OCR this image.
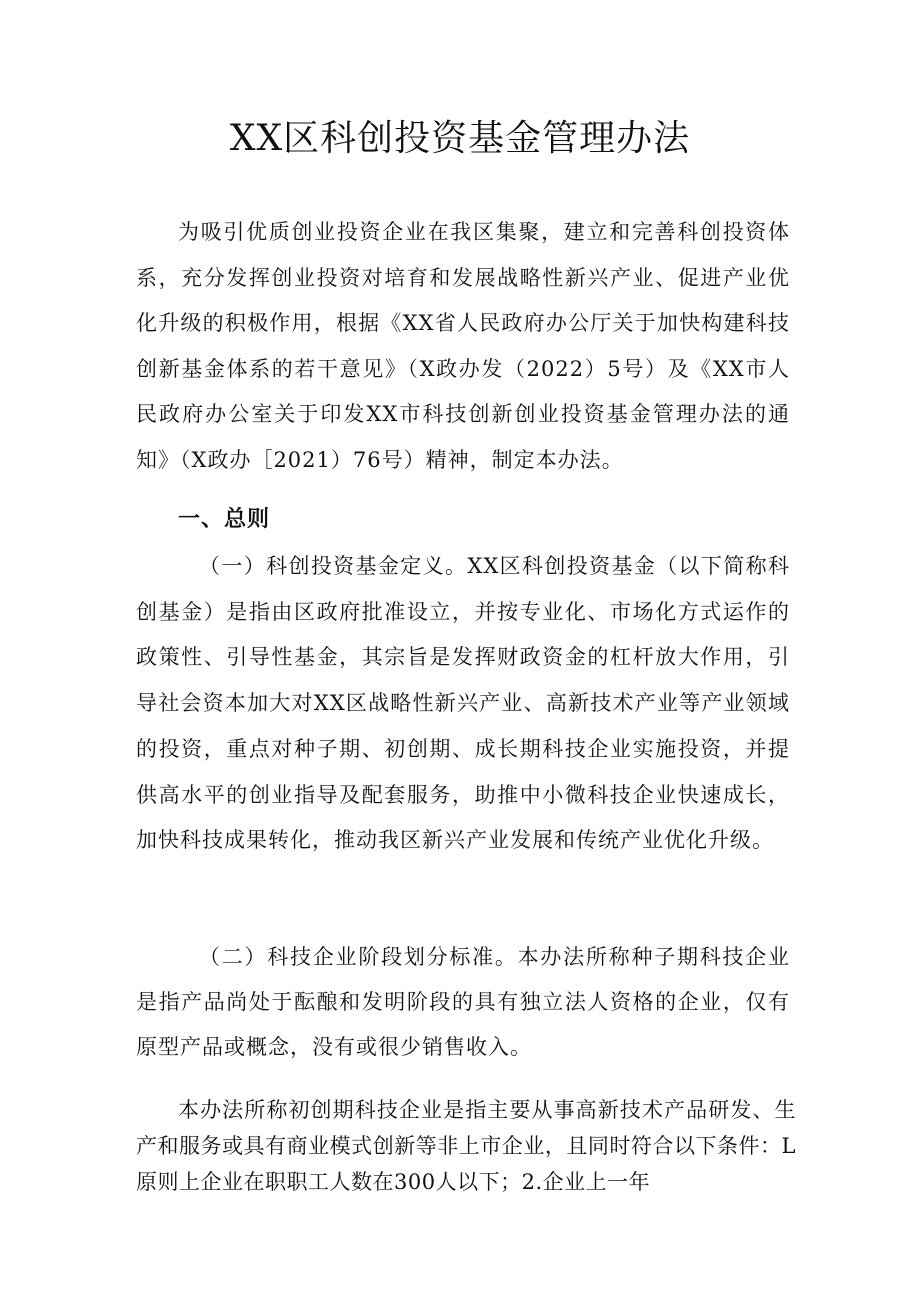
XX区科创投资基金管理办法

为吸引优质创业投资企业在我区集聚，建立和完善科创投资体系，充分发挥创业投资对培育和发展战略性新兴产业、促进产业优化升级的积极作用，根据《XX省人民政府办公厅关于加快构建科技创新基金体系的若干意见》（X政办发（2022）5号）及《XX市人民政府办公室关于印发XX市科技创新创业投资基金管理办法的通知》（X政办［2021）76号）精神，制定本办法。

一、总则

（一）科创投资基金定义。XX区科创投资基金（以下简称科创基金）是指由区政府批准设立，并按专业化、市场化方式运作的政策性、引导性基金，其宗旨是发挥财政资金的杠杆放大作用，引导社会资本加大对XX区战略性新兴产业、高新技术产业等产业领域的投资，重点对种子期、初创期、成长期科技企业实施投资，并提供高水平的创业指导及配套服务，助推中小微科技企业快速成长，加快科技成果转化，推动我区新兴产业发展和传统产业优化升级。

（二）科技企业阶段划分标准。本办法所称种子期科技企业是指产品尚处于酝酿和发明阶段的具有独立法人资格的企业，仅有原型产品或概念，没有或很少销售收入。

本办法所称初创期科技企业是指主要从事高新技术产品研发、生产和服务或具有商业模式创新等非上市企业，且同时符合以下条件：L原则上企业在职职工人数在300人以下；2.企业上一年
